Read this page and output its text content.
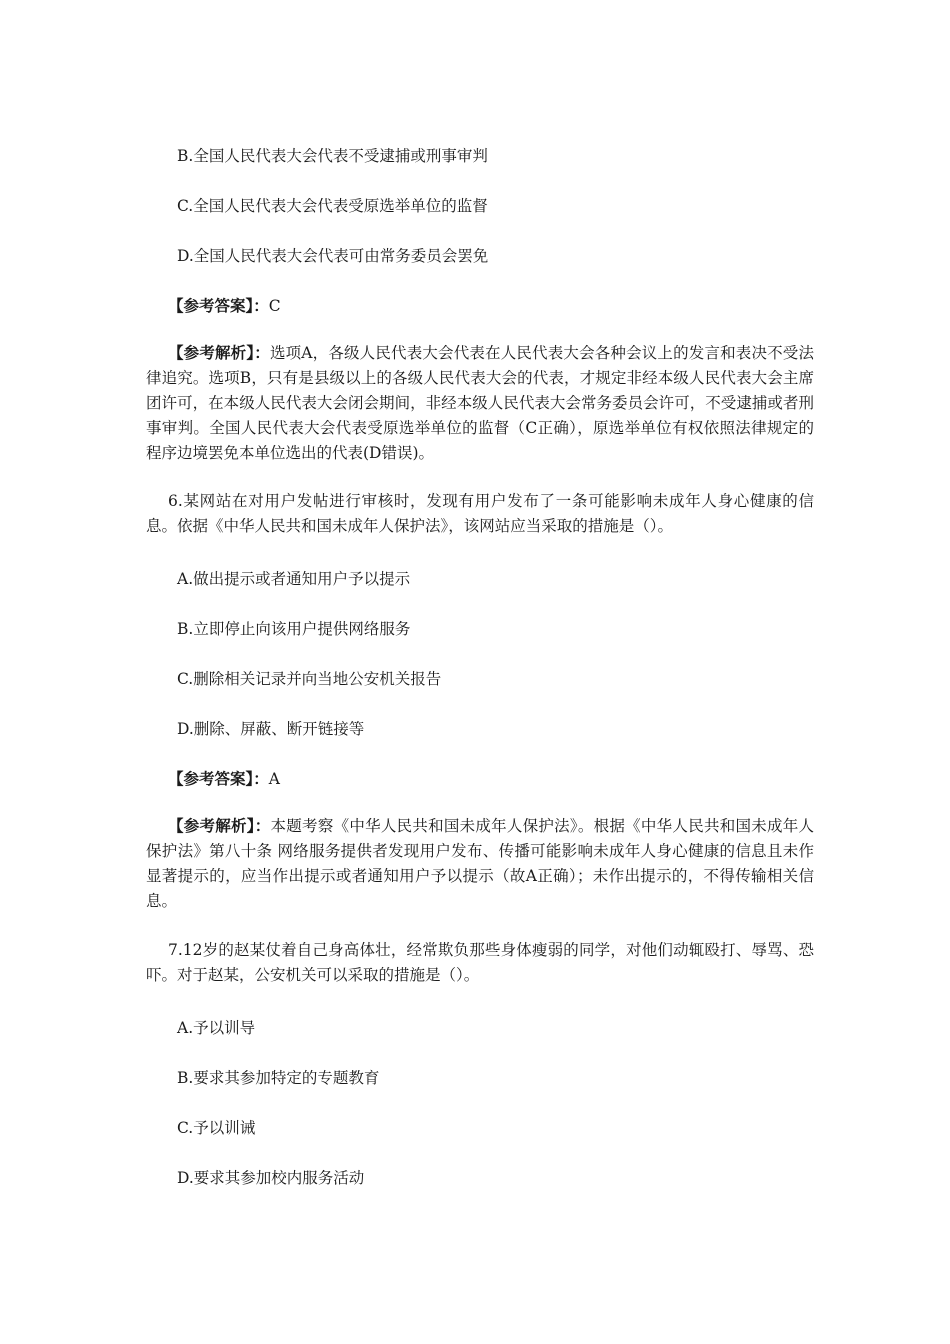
B.全国人民代表大会代表不受逮捕或刑事审判
C.全国人民代表大会代表受原选举单位的监督
D.全国人民代表大会代表可由常务委员会罢免
【参考答案】：C
【参考解析】：选项A，各级人民代表大会代表在人民代表大会各种会议上的发言和表决不受法律追究。选项B，只有是县级以上的各级人民代表大会的代表，才规定非经本级人民代表大会主席团许可，在本级人民代表大会闭会期间，非经本级人民代表大会常务委员会许可，不受逮捕或者刑事审判。全国人民代表大会代表受原选举单位的监督（C正确），原选举单位有权依照法律规定的程序边境罢免本单位选出的代表(D错误)。
6.某网站在对用户发帖进行审核时，发现有用户发布了一条可能影响未成年人身心健康的信息。依据《中华人民共和国未成年人保护法》，该网站应当采取的措施是（）。
A.做出提示或者通知用户予以提示
B.立即停止向该用户提供网络服务
C.删除相关记录并向当地公安机关报告
D.删除、屏蔽、断开链接等
【参考答案】：A
【参考解析】：本题考察《中华人民共和国未成年人保护法》。根据《中华人民共和国未成年人保护法》第八十条 网络服务提供者发现用户发布、传播可能影响未成年人身心健康的信息且未作显著提示的，应当作出提示或者通知用户予以提示（故A正确）；未作出提示的，不得传输相关信息。
7.12岁的赵某仗着自己身高体壮，经常欺负那些身体瘦弱的同学，对他们动辄殴打、辱骂、恐吓。对于赵某，公安机关可以采取的措施是（）。
A.予以训导
B.要求其参加特定的专题教育
C.予以训诫
D.要求其参加校内服务活动
